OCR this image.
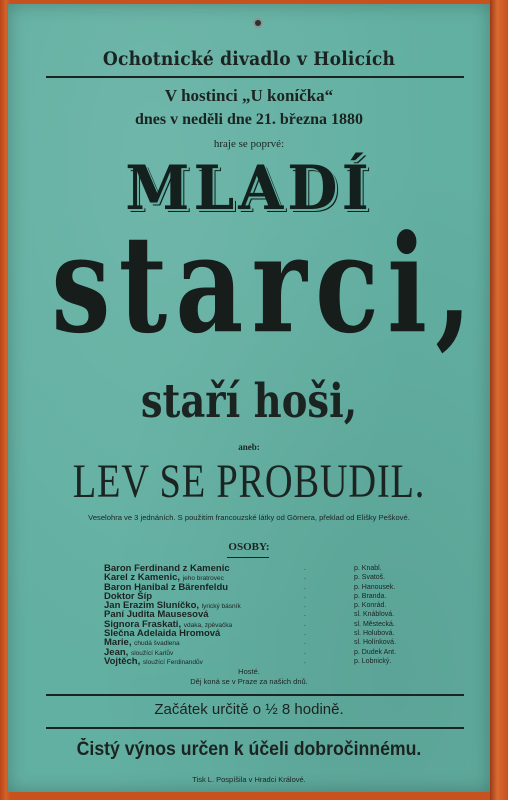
Ochotnické divadlo v Holicích
V hostinci „U koníčka“
dnes v neděli dne 21. března 1880
hraje se poprvé:
MLADÍ
starci,
staří hoši,
aneb:
LEV SE PROBUDIL.
Veselohra ve 3 jednáních. S použitím francouzské látky od Görnera, překlad od Elišky Peškové.
OSOBY:
Baron Ferdinand z Kamenic	.	p. Knabl.
Karel z Kamenic, jeho bratrovec	.	p. Svatoš.
Baron Hanibal z Bärenfeldu	.	p. Hanousek.
Doktor Šíp	.	p. Branda.
Jan Erazim Sluníčko, lyrický básník	.	p. Konrád.
Paní Judita Mausesová	.	sl. Knáblová.
Signora Fraskati, vdaka, zpěvačka	.	sl. Městecká.
Slečna Adelaida Hromová	.	sl. Holubová.
Marie, chudá švadlena	.	sl. Holínková.
Jean, sloužící Karlův	.	p. Dudek Ant.
Vojtěch, sloužící Ferdinandův	.	p. Lobnický.
Hosté.
Děj koná se v Praze za našich dnů.
Začátek určitě o ½ 8 hodině.
Čistý výnos určen k účeli dobročinnému.
Tisk L. Pospíšila v Hradci Králové.
